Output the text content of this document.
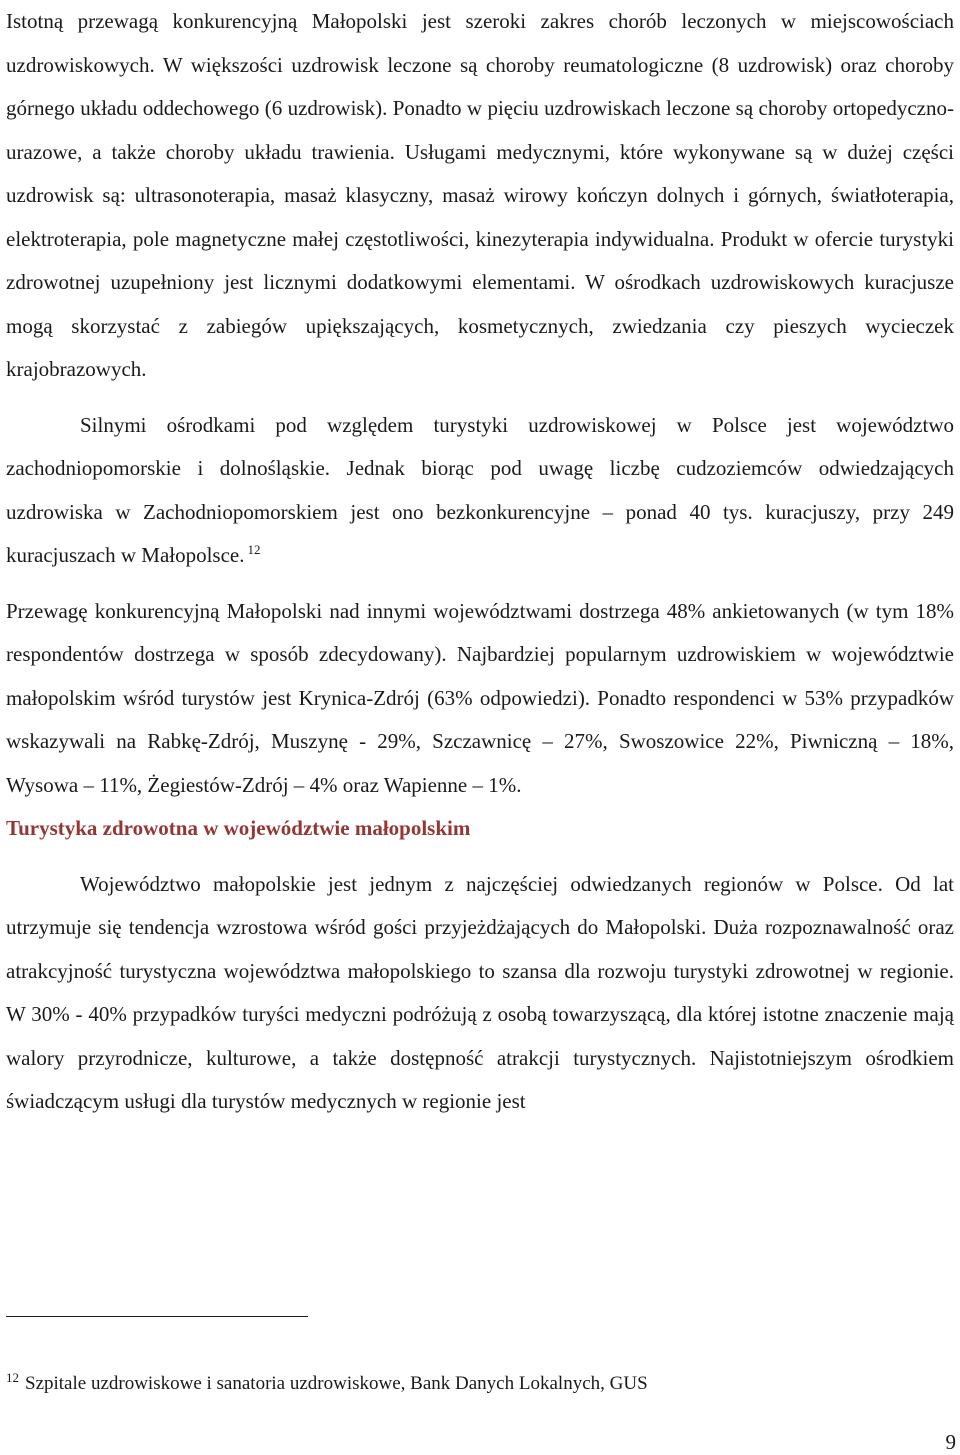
Istotną przewagą konkurencyjną Małopolski jest szeroki zakres chorób leczonych w miejscowościach uzdrowiskowych. W większości uzdrowisk leczone są choroby reumatologiczne (8 uzdrowisk) oraz choroby górnego układu oddechowego (6 uzdrowisk). Ponadto w pięciu uzdrowiskach leczone są choroby ortopedyczno-urazowe, a także choroby układu trawienia. Usługami medycznymi, które wykonywane są w dużej części uzdrowisk są: ultrasonoterapia, masaż klasyczny, masaż wirowy kończyn dolnych i górnych, światłoterapia, elektroterapia, pole magnetyczne małej częstotliwości, kinezyterapia indywidualna. Produkt w ofercie turystyki zdrowotnej uzupełniony jest licznymi dodatkowymi elementami. W ośrodkach uzdrowiskowych kuracjusze mogą skorzystać z zabiegów upiększających, kosmetycznych, zwiedzania czy pieszych wycieczek krajobrazowych.

Silnymi ośrodkami pod względem turystyki uzdrowiskowej w Polsce jest województwo zachodniopomorskie i dolnośląskie. Jednak biorąc pod uwagę liczbę cudzoziemców odwiedzających uzdrowiska w Zachodniopomorskiem jest ono bezkonkurencyjne – ponad 40 tys. kuracjuszy, przy 249 kuracjuszach w Małopolsce. $^{12}$

Przewagę konkurencyjną Małopolski nad innymi województwami dostrzega 48% ankietowanych (w tym 18% respondentów dostrzega w sposób zdecydowany). Najbardziej popularnym uzdrowiskiem w województwie małopolskim wśród turystów jest Krynica-Zdrój (63% odpowiedzi). Ponadto respondenci w 53% przypadków wskazywali na Rabkę-Zdrój, Muszynę - 29%, Szczawnicę – 27%, Swoszowice 22%, Piwniczną – 18%, Wysowa – 11%, Żegiestów-Zdrój – 4% oraz Wapienne – 1%.

Turystyka zdrowotna w województwie małopolskim

Województwo małopolskie jest jednym z najczęściej odwiedzanych regionów w Polsce. Od lat utrzymuje się tendencja wzrostowa wśród gości przyjeżdżających do Małopolski. Duża rozpoznawalność oraz atrakcyjność turystyczna województwa małopolskiego to szansa dla rozwoju turystyki zdrowotnej w regionie. W 30% - 40% przypadków turyści medyczni podróżują z osobą towarzyszącą, dla której istotne znaczenie mają walory przyrodnicze, kulturowe, a także dostępność atrakcji turystycznych. Najistotniejszym ośrodkiem świadczącym usługi dla turystów medycznych w regionie jest

$^{12}$ Szpitale uzdrowiskowe i sanatoria uzdrowiskowe, Bank Danych Lokalnych, GUS
9
